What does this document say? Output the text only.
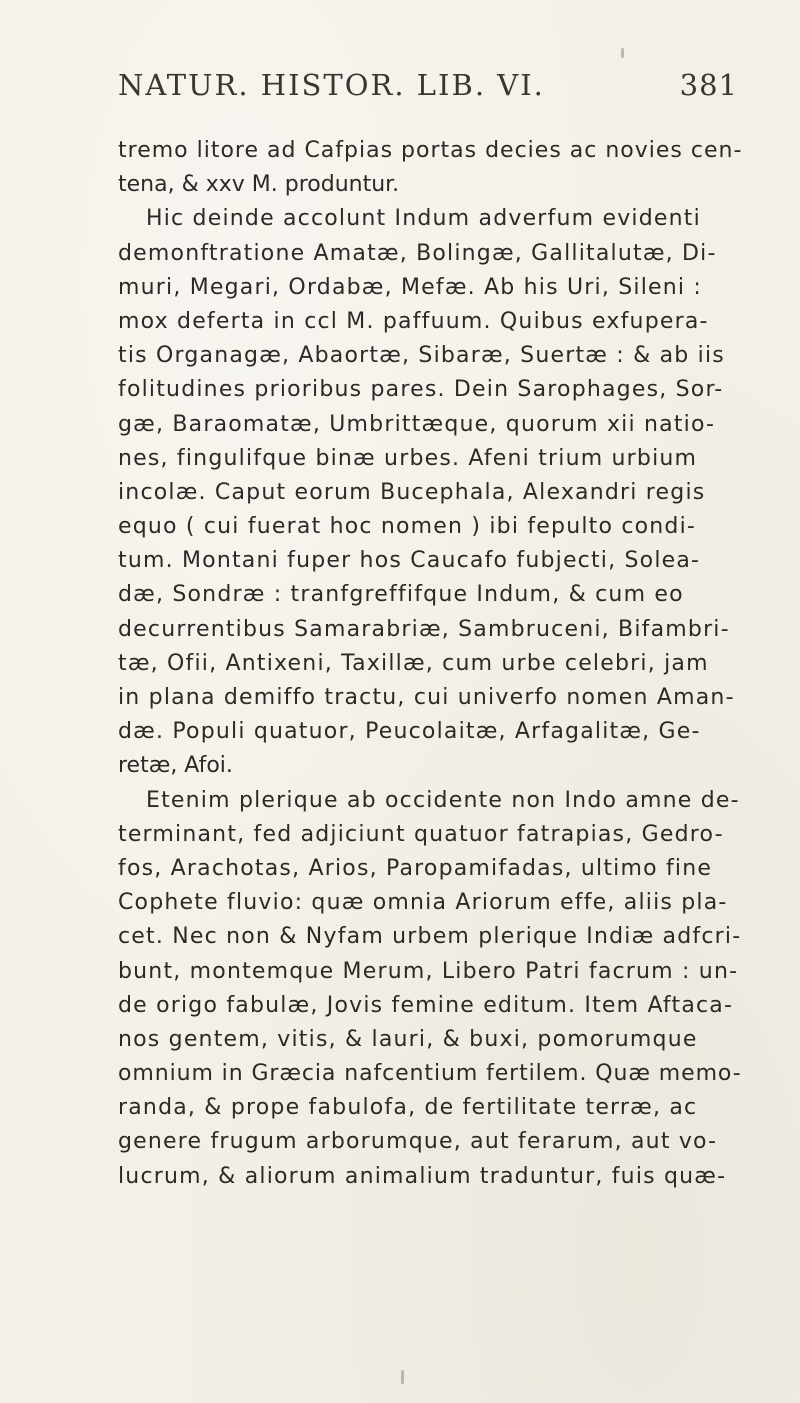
NATUR. HISTOR. LIB. VI.	381
tremo litore ad Cafpias portas decies ac novies cen-
tena, & xxv M. produntur.
Hic deinde accolunt Indum adverfum evidenti
demonftratione Amatæ, Bolingæ, Gallitalutæ, Di-
muri, Megari, Ordabæ, Mefæ. Ab his Uri, Sileni :
mox deferta in ccl M. paffuum. Quibus exfupera-
tis Organagæ, Abaortæ, Sibaræ, Suertæ : & ab iis
folitudines prioribus pares. Dein Sarophages, Sor-
gæ, Baraomatæ, Umbrittæque, quorum xii natio-
nes, fingulifque binæ urbes. Afeni trium urbium
incolæ. Caput eorum Bucephala, Alexandri regis
equo ( cui fuerat hoc nomen ) ibi fepulto condi-
tum. Montani fuper hos Caucafo fubjecti, Solea-
dæ, Sondræ : tranfgreffifque Indum, & cum eo
decurrentibus Samarabriæ, Sambruceni, Bifambri-
tæ, Ofii, Antixeni, Taxillæ, cum urbe celebri, jam
in plana demiffo tractu, cui univerfo nomen Aman-
dæ. Populi quatuor, Peucolaitæ, Arfagalitæ, Ge-
retæ, Afoi.
Etenim plerique ab occidente non Indo amne de-
terminant, fed adjiciunt quatuor fatrapias, Gedro-
fos, Arachotas, Arios, Paropamifadas, ultimo fine
Cophete fluvio: quæ omnia Ariorum effe, aliis pla-
cet. Nec non & Nyfam urbem plerique Indiæ adfcri-
bunt, montemque Merum, Libero Patri facrum : un-
de origo fabulæ, Jovis femine editum. Item Aftaca-
nos gentem, vitis, & lauri, & buxi, pomorumque
omnium in Græcia nafcentium fertilem. Quæ memo-
randa, & prope fabulofa, de fertilitate terræ, ac
genere frugum arborumque, aut ferarum, aut vo-
lucrum, & aliorum animalium traduntur, fuis quæ-
